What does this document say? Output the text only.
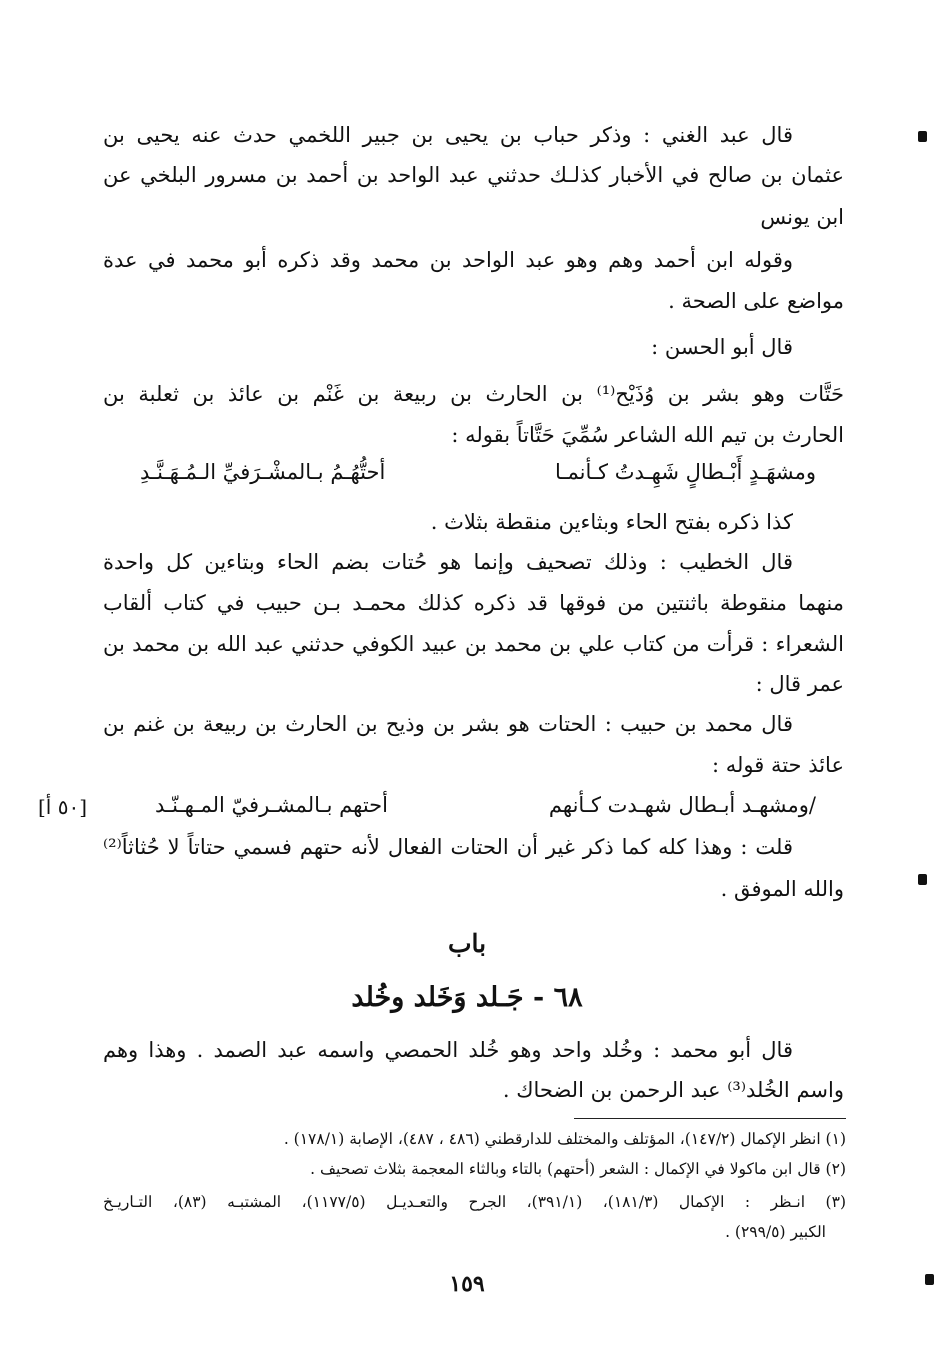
قال عبد الغني : وذكر حباب بن يحيى بن جبير اللخمي حدث عنه يحيى بن
عثمان بن صالح في الأخبار كذلـك حدثني عبد الواحد بن أحمد بن مسرور البلخي عن
ابن يونس
وقوله ابن أحمد وهم وهو عبد الواحد بن محمد وقد ذكره أبو محمد في عدة
مواضع على الصحة .
قال أبو الحسن :
حَتَّات وهو بشر بن وُذَيْح⁽¹⁾ بن الحارث بن ربيعة بن غَنْم بن عائذ بن ثعلبة بن
الحارث بن تيم الله الشاعر سُمِّيَ حَتَّاتاً بقوله :
ومشهَـدٍ أَبْـطالٍ شَهِـدتُ كـأنمـا
أحتُّهُـمُ بـالمشْـرَفيِّ الـمُـهَـنَّـدِ
كذا ذكره بفتح الحاء وبثاءين منقطة بثلاث .
قال الخطيب : وذلك تصحيف وإنما هو حُتات بضم الحاء وبتاءين كل واحدة
منهما منقوطة باثنتين من فوقها قد ذكره كذلك محمـد بـن حبيب في كتاب ألقاب
الشعراء : قرأت من كتاب علي بن محمد بن عبيد الكوفي حدثني عبد الله بن محمد بن
عمر قال :
قال محمد بن حبيب : الحتات هو بشر بن وذيح بن الحارث بن ربيعة بن غنم بن
عائذ حتة قوله :
/ومشهـد أبـطال شهـدت كـأنهم
أحتهم بـالمشـرفيّ المـهـنّـد
[٥٠ أ]
قلت : وهذا كله كما ذكر غير أن الحتات الفعال لأنه حتهم فسمي حتاتاً لا حُثاثاً⁽²⁾
والله الموفق .
باب
٦٨ - جَـلد وَخَلد وخُلد
قال أبو محمد : وخُلد واحد وهو خُلد الحمصي واسمه عبد الصمد . وهذا وهم
واسم الخُلد⁽³⁾ عبد الرحمن بن الضحاك .
(١) انظر الإكمال (١٤٧/٢)، المؤتلف والمختلف للدارقطني (٤٨٦ ، ٤٨٧)، الإصابة (١٧٨/١) .
(٢) قال ابن ماكولا في الإكمال : الشعر (أحتهم) بالتاء وبالثاء المعجمة بثلاث تصحيف .
(٣) انـظر : الإكمال (١٨١/٣)، (٣٩١/١)، الجرح والتعـديـل (١١٧٧/٥)، المشتبـه (٨٣)، التـاريـخ
الكبير (٢٩٩/٥) .
١٥٩
